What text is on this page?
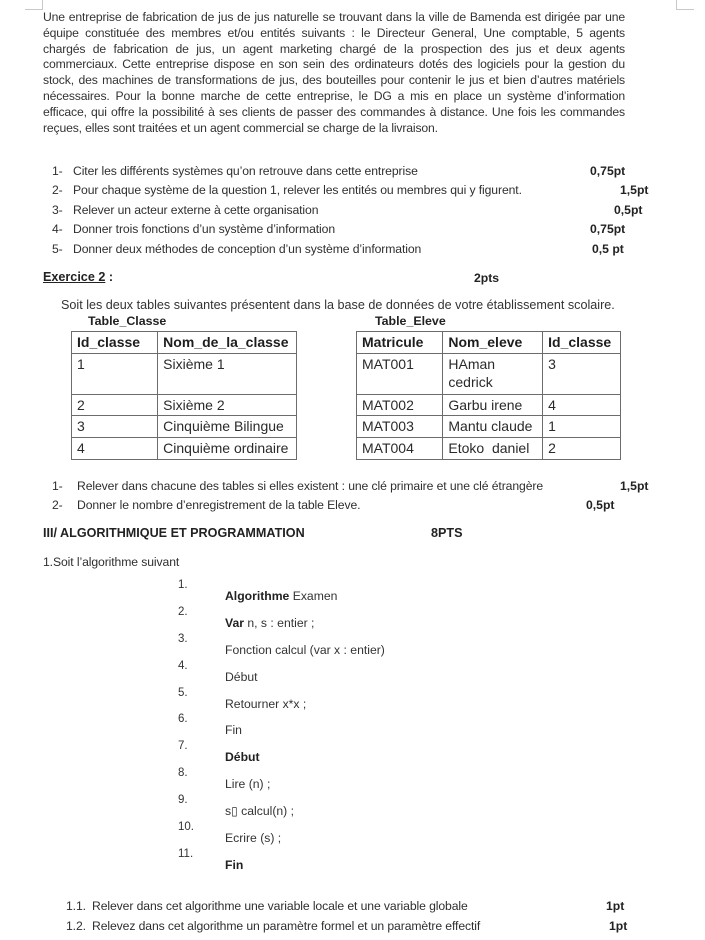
Une entreprise de fabrication de jus de jus naturelle se trouvant dans la ville de Bamenda est dirigée par une équipe constituée des membres et/ou entités suivants : le Directeur General, Une comptable, 5 agents chargés de fabrication de jus, un agent marketing chargé de la prospection des jus et deux agents commerciaux. Cette entreprise dispose en son sein des ordinateurs dotés des logiciels pour la gestion du stock, des machines de transformations de jus, des bouteilles pour contenir le jus et bien d’autres matériels nécessaires. Pour la bonne marche de cette entreprise, le DG a mis en place un système d’information efficace, qui offre la possibilité à ses clients de passer des commandes à distance. Une fois les commandes reçues, elles sont traitées et un agent commercial se charge de la livraison.

1- Citer les différents systèmes qu’on retrouve dans cette entreprise	0,75pt
2- Pour chaque système de la question 1, relever les entités ou membres qui y figurent.	1,5pt
3- Relever un acteur externe à cette organisation	0,5pt
4- Donner trois fonctions d’un système d’information	0,75pt
5- Donner deux méthodes de conception d’un système d’information	0,5 pt
Exercice 2 :	2pts
Soit les deux tables suivantes présentent dans la base de données de votre établissement scolaire.
Table_Classe	Table_Eleve
Id_classe	Nom_de_la_classe
1	Sixième 1
2	Sixième 2
3	Cinquième Bilingue
4	Cinquième ordinaire
Matricule	Nom_eleve	Id_classe
MAT001	HAman cedrick	3
MAT002	Garbu irene	4
MAT003	Mantu claude	1
MAT004	Etoko  daniel	2
1- Relever dans chacune des tables si elles existent : une clé primaire et une clé étrangère	1,5pt
2- Donner le nombre d’enregistrement de la table Eleve.	0,5pt
III/ ALGORITHMIQUE ET PROGRAMMATION	8PTS
1.Soit l’algorithme suivant
1.
Algorithme Examen
2.
Var n, s : entier ;
3.
Fonction calcul (var x : entier)
4.
Début
5.
Retourner x*x ;
6.
Fin
7.
Début
8.
Lire (n) ;
9.
s▯ calcul(n) ;
10.
Ecrire (s) ;
11.
Fin
1.1. Relever dans cet algorithme une variable locale et une variable globale	1pt
1.2. Relevez dans cet algorithme un paramètre formel et un paramètre effectif	1pt
